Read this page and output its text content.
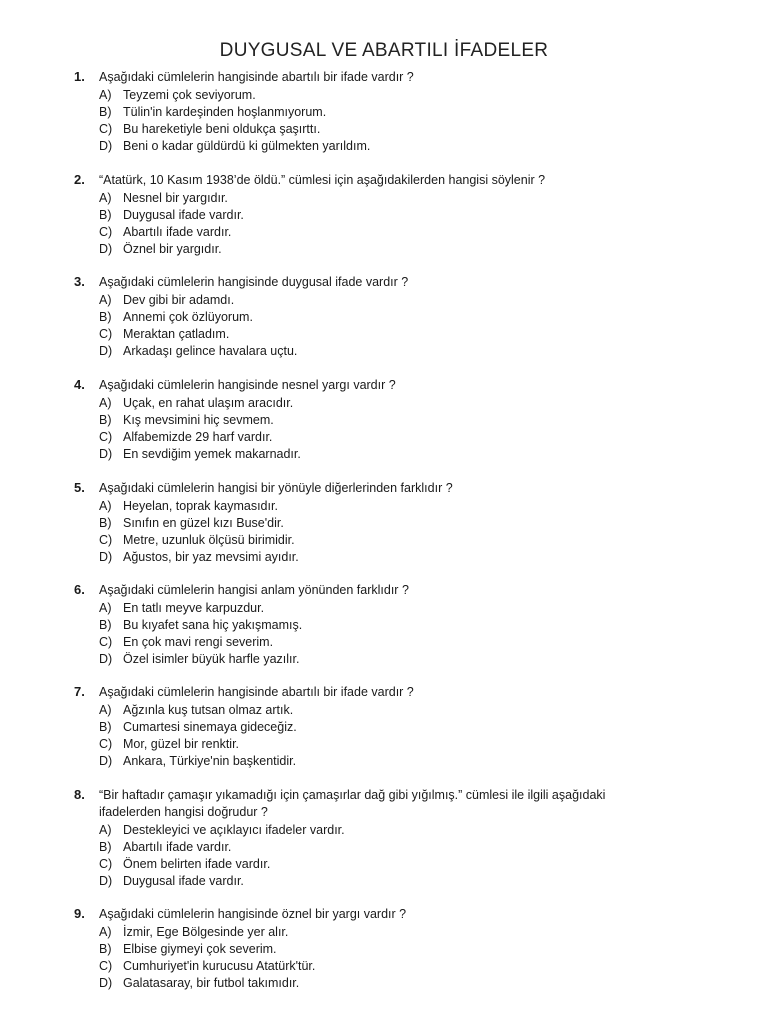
DUYGUSAL VE ABARTILI İFADELER
1. Aşağıdaki cümlelerin hangisinde abartılı bir ifade vardır ?
A) Teyzemi çok seviyorum.
B) Tülin'in kardeşinden hoşlanmıyorum.
C) Bu hareketiyle beni oldukça şaşırttı.
D) Beni o kadar güldürdü ki gülmekten yarıldım.
2. “Atatürk, 10 Kasım 1938’de öldü.” cümlesi için aşağıdakilerden hangisi söylenir ?
A) Nesnel bir yargıdır.
B) Duygusal ifade vardır.
C) Abartılı ifade vardır.
D) Öznel bir yargıdır.
3. Aşağıdaki cümlelerin hangisinde duygusal ifade vardır ?
A) Dev gibi bir adamdı.
B) Annemi çok özlüyorum.
C) Meraktan çatladım.
D) Arkadaşı gelince havalara uçtu.
4. Aşağıdaki cümlelerin hangisinde nesnel yargı vardır ?
A) Uçak, en rahat ulaşım aracıdır.
B) Kış mevsimini hiç sevmem.
C) Alfabemizde 29 harf vardır.
D) En sevdiğim yemek makarnadır.
5. Aşağıdaki cümlelerin hangisi bir yönüyle diğerlerinden farklıdır ?
A) Heyelan, toprak kaymasıdır.
B) Sınıfın en güzel kızı Buse'dir.
C) Metre, uzunluk ölçüsü birimidir.
D) Ağustos, bir yaz mevsimi ayıdır.
6. Aşağıdaki cümlelerin hangisi anlam yönünden farklıdır ?
A) En tatlı meyve karpuzdur.
B) Bu kıyafet sana hiç yakışmamış.
C) En çok mavi rengi severim.
D) Özel isimler büyük harfle yazılır.
7. Aşağıdaki cümlelerin hangisinde abartılı bir ifade vardır ?
A) Ağzınla kuş tutsan olmaz artık.
B) Cumartesi sinemaya gideceğiz.
C) Mor, güzel bir renktir.
D) Ankara, Türkiye'nin başkentidir.
8. “Bir haftadır çamaşır yıkamadığı için çamaşırlar dağ gibi yığılmış.” cümlesi ile ilgili aşağıdaki ifadelerden hangisi doğrudur ?
A) Destekleyici ve açıklayıcı ifadeler vardır.
B) Abartılı ifade vardır.
C) Önem belirten ifade vardır.
D) Duygusal ifade vardır.
9. Aşağıdaki cümlelerin hangisinde öznel bir yargı vardır ?
A) İzmir, Ege Bölgesinde yer alır.
B) Elbise giymeyi çok severim.
C) Cumhuriyet'in kurucusu Atatürk'tür.
D) Galatasaray, bir futbol takımıdır.
